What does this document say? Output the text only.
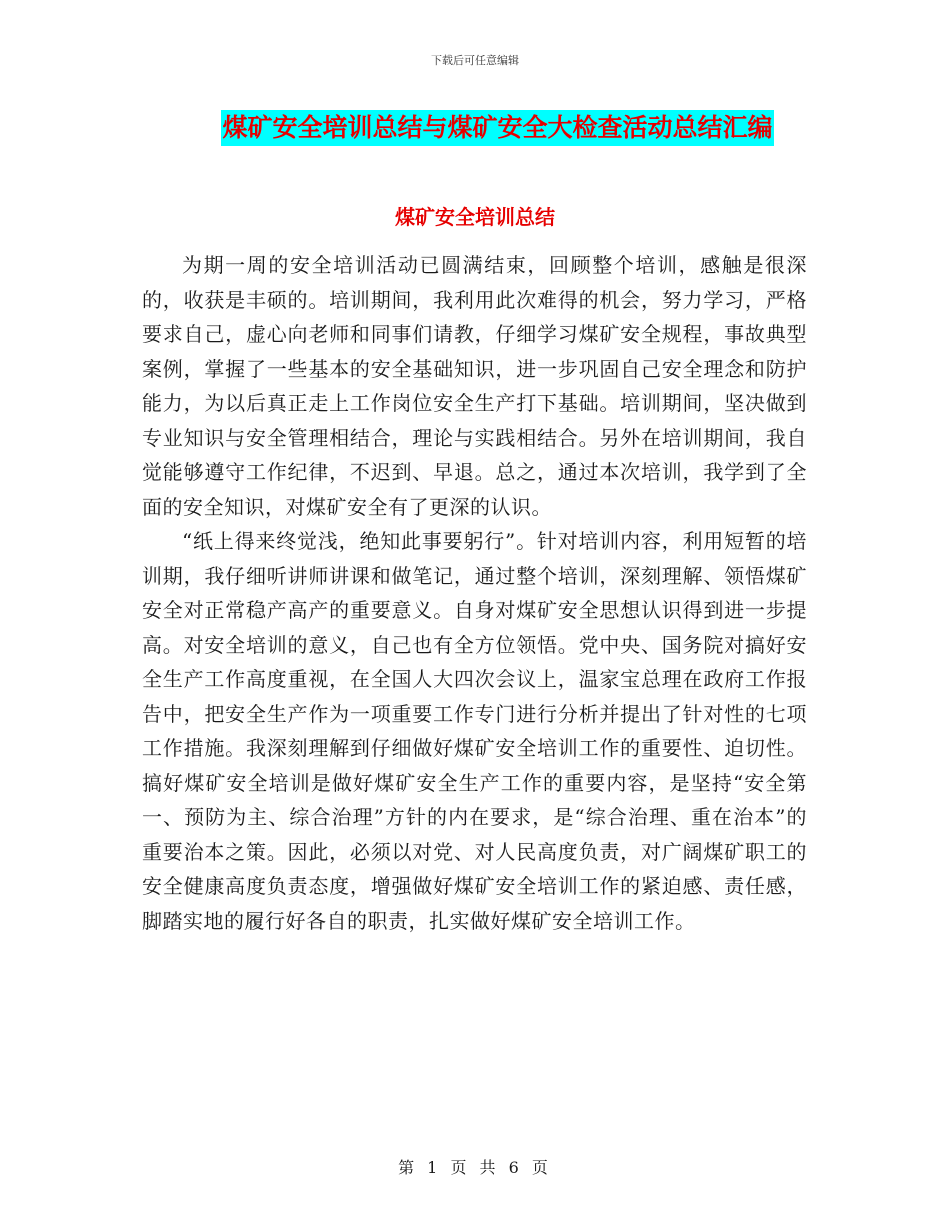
下载后可任意编辑
煤矿安全培训总结与煤矿安全大检查活动总结汇编
煤矿安全培训总结

为期一周的安全培训活动已圆满结束，回顾整个培训，感触是很深的，收获是丰硕的。培训期间，我利用此次难得的机会，努力学习，严格要求自己，虚心向老师和同事们请教，仔细学习煤矿安全规程，事故典型案例，掌握了一些基本的安全基础知识，进一步巩固自己安全理念和防护能力，为以后真正走上工作岗位安全生产打下基础。培训期间，坚决做到专业知识与安全管理相结合，理论与实践相结合。另外在培训期间，我自觉能够遵守工作纪律，不迟到、早退。总之，通过本次培训，我学到了全面的安全知识，对煤矿安全有了更深的认识。

“纸上得来终觉浅，绝知此事要躬行”。针对培训内容，利用短暂的培训期，我仔细听讲师讲课和做笔记，通过整个培训，深刻理解、领悟煤矿安全对正常稳产高产的重要意义。自身对煤矿安全思想认识得到进一步提高。对安全培训的意义，自己也有全方位领悟。党中央、国务院对搞好安全生产工作高度重视，在全国人大四次会议上，温家宝总理在政府工作报告中，把安全生产作为一项重要工作专门进行分析并提出了针对性的七项工作措施。我深刻理解到仔细做好煤矿安全培训工作的重要性、迫切性。搞好煤矿安全培训是做好煤矿安全生产工作的重要内容，是坚持“安全第一、预防为主、综合治理”方针的内在要求，是“综合治理、重在治本”的重要治本之策。因此，必须以对党、对人民高度负责，对广阔煤矿职工的安全健康高度负责态度，增强做好煤矿安全培训工作的紧迫感、责任感，脚踏实地的履行好各自的职责，扎实做好煤矿安全培训工作。

第 1 页 共 6 页
